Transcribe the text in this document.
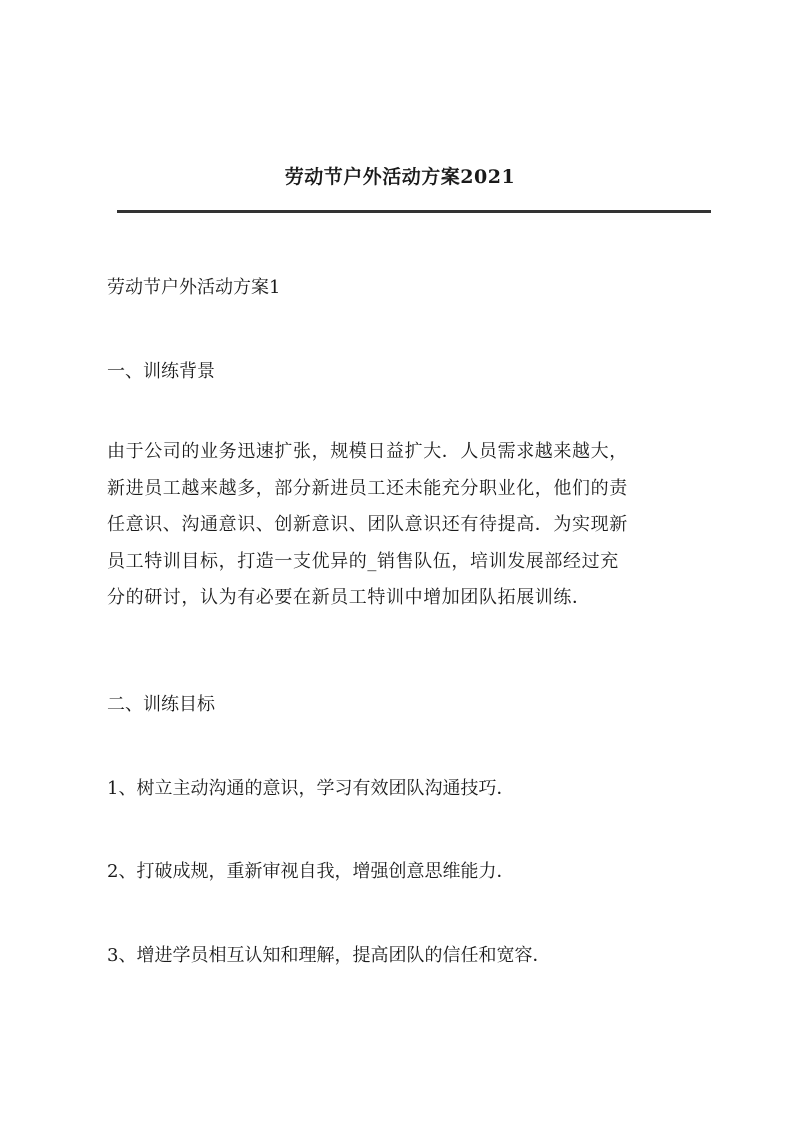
劳动节户外活动方案2021

劳动节户外活动方案1

一、训练背景

由于公司的业务迅速扩张，规模日益扩大．人员需求越来越大，
新进员工越来越多，部分新进员工还未能充分职业化，他们的责
任意识、沟通意识、创新意识、团队意识还有待提高．为实现新
员工特训目标，打造一支优异的_销售队伍，培训发展部经过充
分的研讨，认为有必要在新员工特训中增加团队拓展训练．

二、训练目标

1、树立主动沟通的意识，学习有效团队沟通技巧．

2、打破成规，重新审视自我，增强创意思维能力．

3、增进学员相互认知和理解，提高团队的信任和宽容．
